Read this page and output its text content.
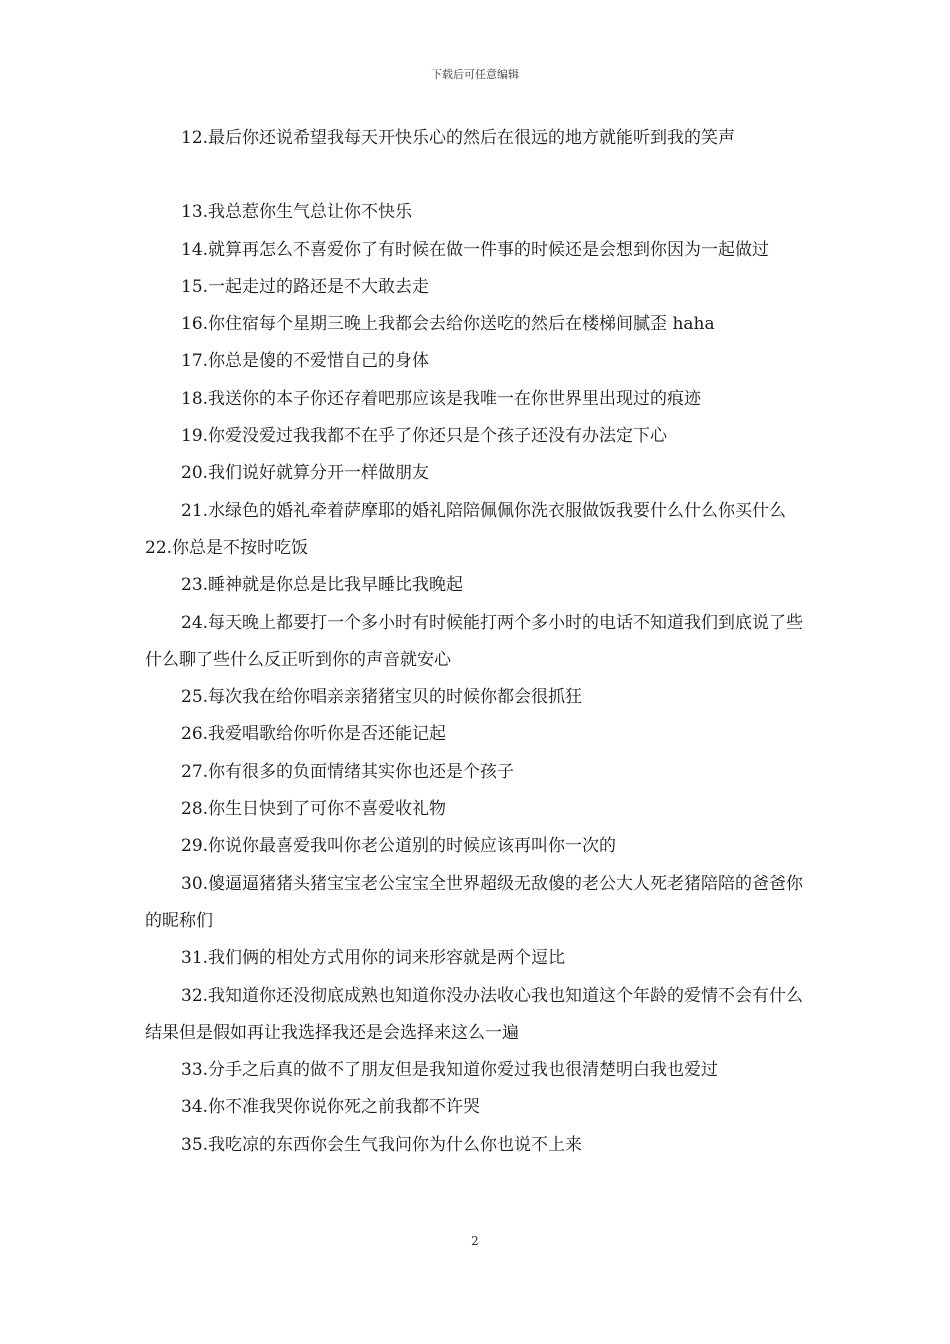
下载后可任意编辑

12.最后你还说希望我每天开快乐心的然后在很远的地方就能听到我的笑声

13.我总惹你生气总让你不快乐

14.就算再怎么不喜爱你了有时候在做一件事的时候还是会想到你因为一起做过

15.一起走过的路还是不大敢去走

16.你住宿每个星期三晚上我都会去给你送吃的然后在楼梯间腻歪 haha

17.你总是傻的不爱惜自己的身体

18.我送你的本子你还存着吧那应该是我唯一在你世界里出现过的痕迹

19.你爱没爱过我我都不在乎了你还只是个孩子还没有办法定下心

20.我们说好就算分开一样做朋友

21.水绿色的婚礼牵着萨摩耶的婚礼陪陪佩佩你洗衣服做饭我要什么什么你买什么 22.你总是不按时吃饭

23.睡神就是你总是比我早睡比我晚起

24.每天晚上都要打一个多小时有时候能打两个多小时的电话不知道我们到底说了些什么聊了些什么反正听到你的声音就安心

25.每次我在给你唱亲亲猪猪宝贝的时候你都会很抓狂

26.我爱唱歌给你听你是否还能记起

27.你有很多的负面情绪其实你也还是个孩子

28.你生日快到了可你不喜爱收礼物

29.你说你最喜爱我叫你老公道别的时候应该再叫你一次的

30.傻逼逼猪猪头猪宝宝老公宝宝全世界超级无敌傻的老公大人死老猪陪陪的爸爸你的昵称们

31.我们俩的相处方式用你的词来形容就是两个逗比

32.我知道你还没彻底成熟也知道你没办法收心我也知道这个年龄的爱情不会有什么结果但是假如再让我选择我还是会选择来这么一遍

33.分手之后真的做不了朋友但是我知道你爱过我也很清楚明白我也爱过

34.你不准我哭你说你死之前我都不许哭

35.我吃凉的东西你会生气我问你为什么你也说不上来

2
